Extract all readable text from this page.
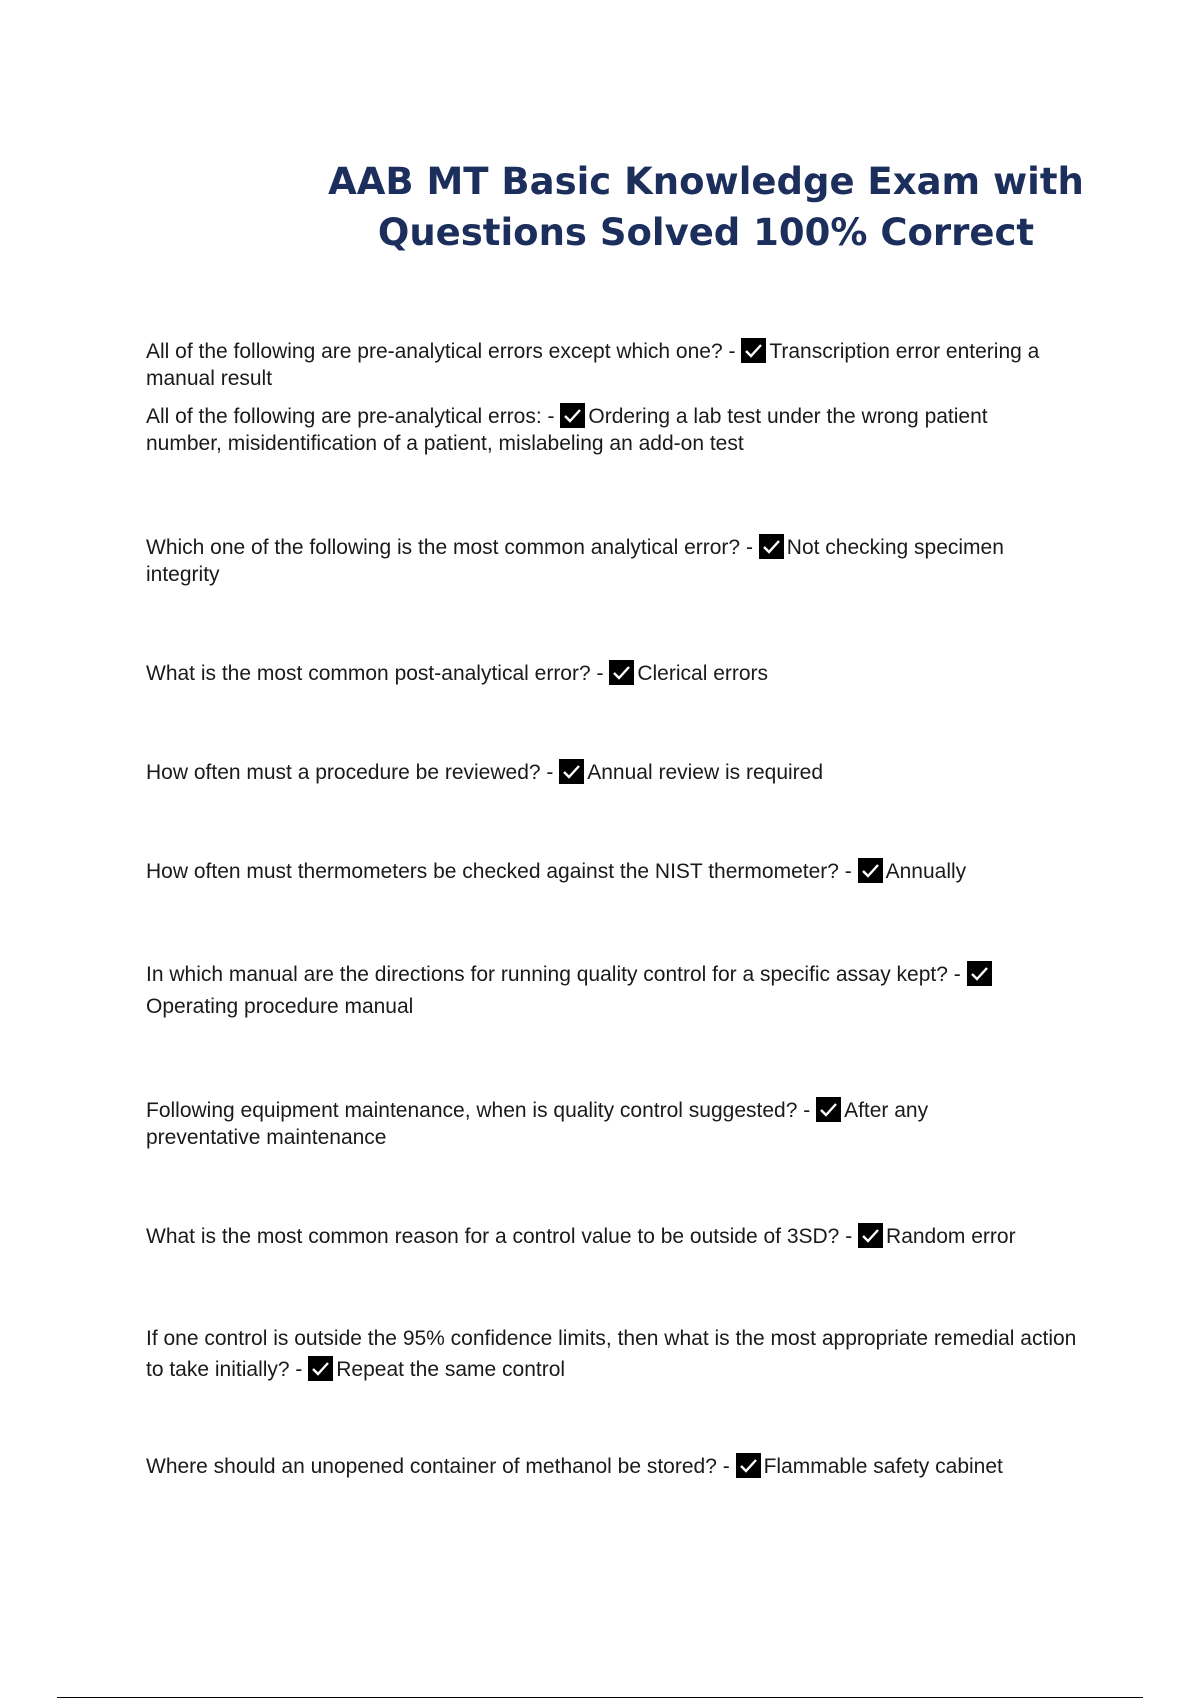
AAB MT Basic Knowledge Exam with Questions Solved 100% Correct

All of the following are pre-analytical errors except which one? -
Transcription error entering a manual result

All of the following are pre-analytical erros: -
Ordering a lab test under the wrong patient number, misidentification of a patient, mislabeling an add-on test

Which one of the following is the most common analytical error? -
Not checking specimen integrity

What is the most common post-analytical error? -
Clerical errors

How often must a procedure be reviewed? -
Annual review is required

How often must thermometers be checked against the NIST thermometer? -
Annually

In which manual are the directions for running quality control for a specific assay kept? -
Operating procedure manual

Following equipment maintenance, when is quality control suggested? -
After any preventative maintenance

What is the most common reason for a control value to be outside of 3SD? -
Random error

If one control is outside the 95% confidence limits, then what is the most appropriate remedial action to take initially? -
Repeat the same control

Where should an unopened container of methanol be stored? -
Flammable safety cabinet
